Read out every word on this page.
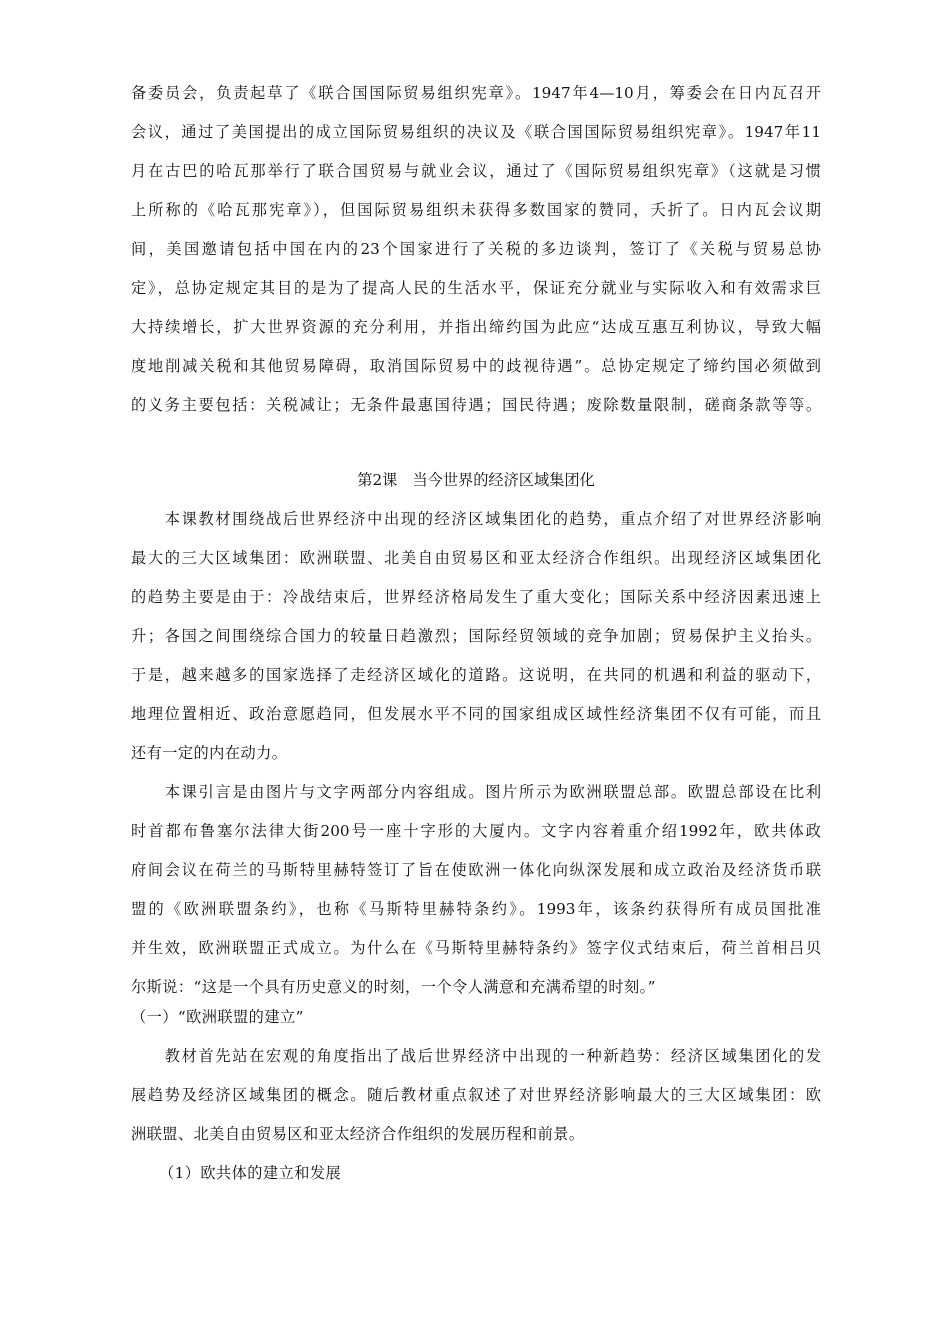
备委员会，负责起草了《联合国国际贸易组织宪章》。1947年4—10月，筹委会在日内瓦召开
会议，通过了美国提出的成立国际贸易组织的决议及《联合国国际贸易组织宪章》。1947年11
月在古巴的哈瓦那举行了联合国贸易与就业会议，通过了《国际贸易组织宪章》（这就是习惯
上所称的《哈瓦那宪章》），但国际贸易组织未获得多数国家的赞同，夭折了。日内瓦会议期
间，美国邀请包括中国在内的23个国家进行了关税的多边谈判，签订了《关税与贸易总协
定》，总协定规定其目的是为了提高人民的生活水平，保证充分就业与实际收入和有效需求巨
大持续增长，扩大世界资源的充分利用，并指出缔约国为此应“达成互惠互利协议，导致大幅
度地削减关税和其他贸易障碍，取消国际贸易中的歧视待遇”。总协定规定了缔约国必须做到
的义务主要包括：关税减让；无条件最惠国待遇；国民待遇；废除数量限制，磋商条款等等。
第2课　当今世界的经济区域集团化
　　本课教材围绕战后世界经济中出现的经济区域集团化的趋势，重点介绍了对世界经济影响
最大的三大区域集团：欧洲联盟、北美自由贸易区和亚太经济合作组织。出现经济区域集团化
的趋势主要是由于：冷战结束后，世界经济格局发生了重大变化；国际关系中经济因素迅速上
升；各国之间围绕综合国力的较量日趋激烈；国际经贸领域的竞争加剧；贸易保护主义抬头。
于是，越来越多的国家选择了走经济区域化的道路。这说明，在共同的机遇和利益的驱动下，
地理位置相近、政治意愿趋同，但发展水平不同的国家组成区域性经济集团不仅有可能，而且
还有一定的内在动力。
　　本课引言是由图片与文字两部分内容组成。图片所示为欧洲联盟总部。欧盟总部设在比利
时首都布鲁塞尔法律大街200号一座十字形的大厦内。文字内容着重介绍1992年，欧共体政
府间会议在荷兰的马斯特里赫特签订了旨在使欧洲一体化向纵深发展和成立政治及经济货币联
盟的《欧洲联盟条约》，也称《马斯特里赫特条约》。1993年，该条约获得所有成员国批准
并生效，欧洲联盟正式成立。为什么在《马斯特里赫特条约》签字仪式结束后，荷兰首相吕贝
尔斯说：“这是一个具有历史意义的时刻，一个令人满意和充满希望的时刻。”
（一）“欧洲联盟的建立”
　　教材首先站在宏观的角度指出了战后世界经济中出现的一种新趋势：经济区域集团化的发
展趋势及经济区域集团的概念。随后教材重点叙述了对世界经济影响最大的三大区域集团：欧
洲联盟、北美自由贸易区和亚太经济合作组织的发展历程和前景。
（1）欧共体的建立和发展
